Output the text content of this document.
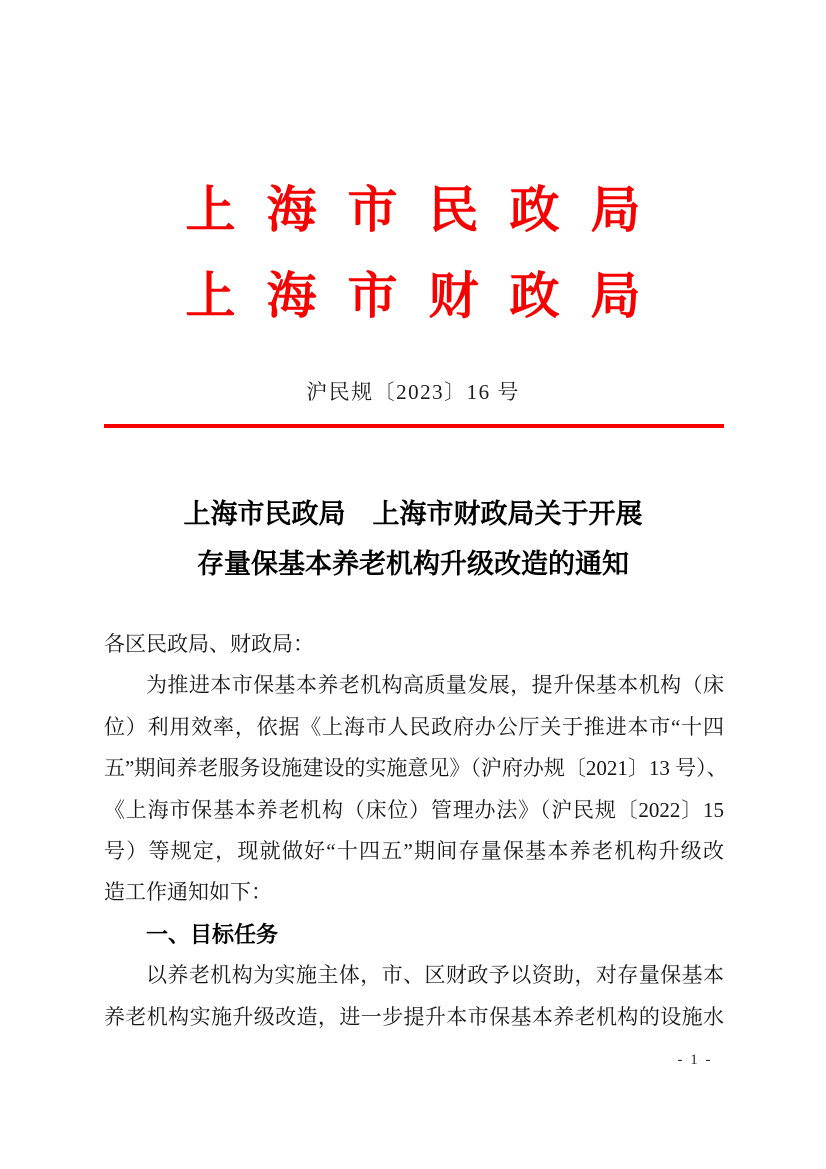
上海市民政局
上海市财政局
沪民规〔2023〕16 号
上海市民政局　上海市财政局关于开展
存量保基本养老机构升级改造的通知
各区民政局、财政局：
为推进本市保基本养老机构高质量发展，提升保基本机构（床
位）利用效率，依据《上海市人民政府办公厅关于推进本市“十四
五”期间养老服务设施建设的实施意见》（沪府办规〔2021〕13 号）、
《上海市保基本养老机构（床位）管理办法》（沪民规〔2022〕15
号）等规定，现就做好“十四五”期间存量保基本养老机构升级改
造工作通知如下：
一、目标任务
以养老机构为实施主体，市、区财政予以资助，对存量保基本
养老机构实施升级改造，进一步提升本市保基本养老机构的设施水
- 1 -
